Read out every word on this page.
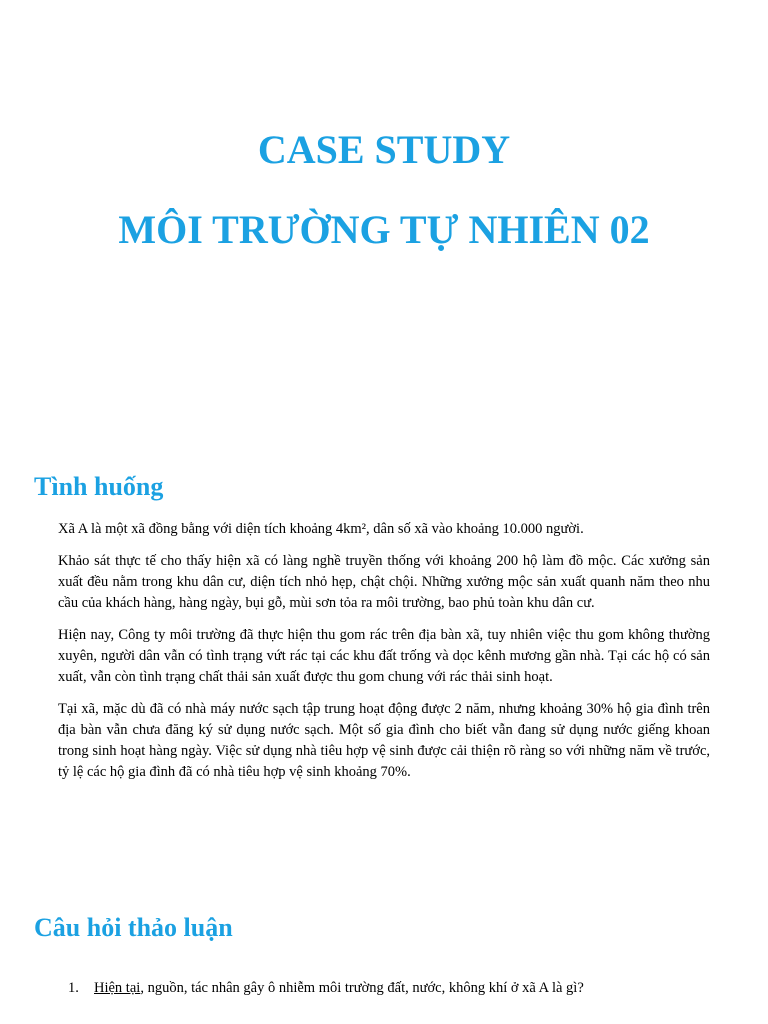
CASE STUDY
MÔI TRƯỜNG TỰ NHIÊN 02
Tình huống

Xã A là một xã đồng bằng với diện tích khoảng 4km², dân số xã vào khoảng 10.000 người.

Khảo sát thực tế cho thấy hiện xã có làng nghề truyền thống với khoảng 200 hộ làm đồ mộc. Các xưởng sản xuất đều nằm trong khu dân cư, diện tích nhỏ hẹp, chật chội. Những xưởng mộc sản xuất quanh năm theo nhu cầu của khách hàng, hàng ngày, bụi gỗ, mùi sơn tỏa ra môi trường, bao phủ toàn khu dân cư.

Hiện nay, Công ty môi trường đã thực hiện thu gom rác trên địa bàn xã, tuy nhiên việc thu gom không thường xuyên, người dân vẫn có tình trạng vứt rác tại các khu đất trống và dọc kênh mương gần nhà. Tại các hộ có sản xuất, vẫn còn tình trạng chất thải sản xuất được thu gom chung với rác thải sinh hoạt.

Tại xã, mặc dù đã có nhà máy nước sạch tập trung hoạt động được 2 năm, nhưng khoảng 30% hộ gia đình trên địa bàn vẫn chưa đăng ký sử dụng nước sạch. Một số gia đình cho biết vẫn đang sử dụng nước giếng khoan trong sinh hoạt hàng ngày. Việc sử dụng nhà tiêu hợp vệ sinh được cải thiện rõ ràng so với những năm về trước, tỷ lệ các hộ gia đình đã có nhà tiêu hợp vệ sinh khoảng 70%.

Câu hỏi thảo luận
1. Hiện tại, nguồn, tác nhân gây ô nhiễm môi trường đất, nước, không khí ở xã A là gì?
